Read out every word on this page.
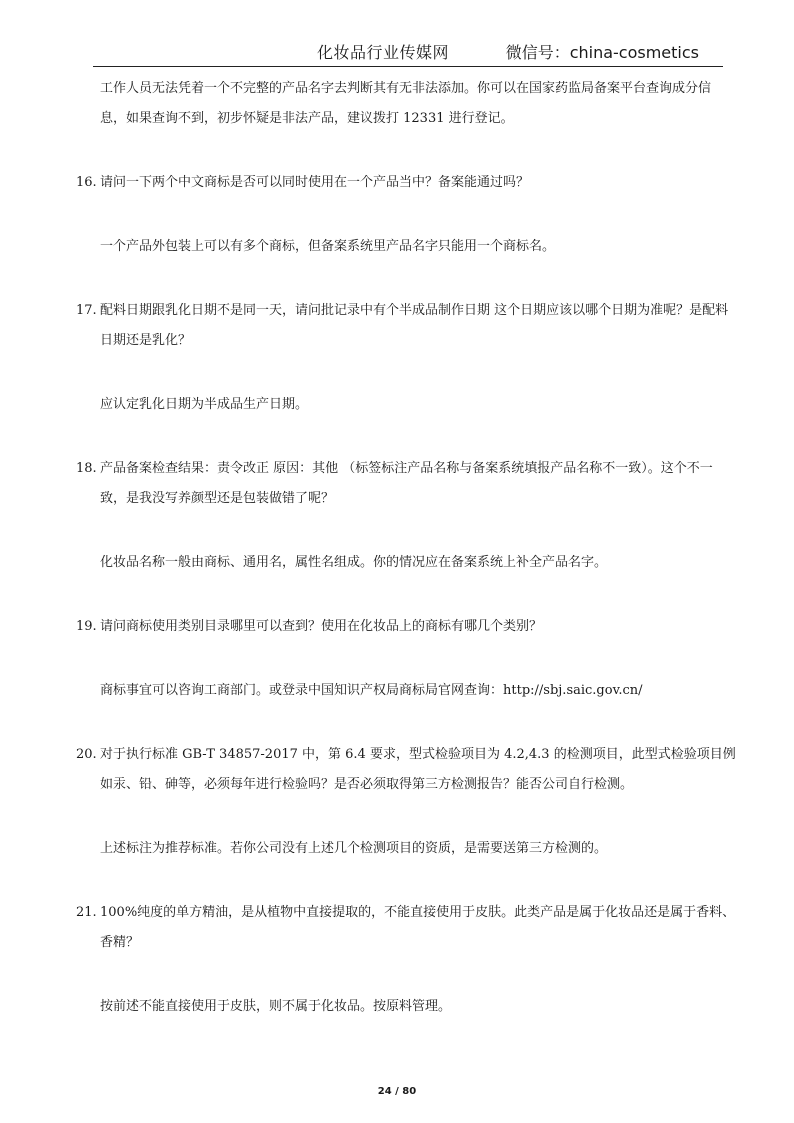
化妆品行业传媒网	微信号：china-cosmetics
工作人员无法凭着一个不完整的产品名字去判断其有无非法添加。你可以在国家药监局备案平台查询成分信息，如果查询不到，初步怀疑是非法产品，建议拨打 12331 进行登记。
16. 请问一下两个中文商标是否可以同时使用在一个产品当中？备案能通过吗？
一个产品外包装上可以有多个商标，但备案系统里产品名字只能用一个商标名。
17. 配料日期跟乳化日期不是同一天，请问批记录中有个半成品制作日期 这个日期应该以哪个日期为准呢？是配料日期还是乳化？
应认定乳化日期为半成品生产日期。
18. 产品备案检查结果：责令改正 原因：其他 （标签标注产品名称与备案系统填报产品名称不一致）。这个不一致，是我没写养颜型还是包装做错了呢？
化妆品名称一般由商标、通用名，属性名组成。你的情况应在备案系统上补全产品名字。
19. 请问商标使用类别目录哪里可以查到？使用在化妆品上的商标有哪几个类别？
商标事宜可以咨询工商部门。或登录中国知识产权局商标局官网查询：http://sbj.saic.gov.cn/
20. 对于执行标准 GB-T 34857-2017 中，第 6.4 要求，型式检验项目为 4.2,4.3 的检测项目，此型式检验项目例如汞、铅、砷等，必须每年进行检验吗？是否必须取得第三方检测报告？能否公司自行检测。
上述标注为推荐标准。若你公司没有上述几个检测项目的资质，是需要送第三方检测的。
21. 100%纯度的单方精油，是从植物中直接提取的，不能直接使用于皮肤。此类产品是属于化妆品还是属于香料、香精？
按前述不能直接使用于皮肤，则不属于化妆品。按原料管理。
24 / 80
